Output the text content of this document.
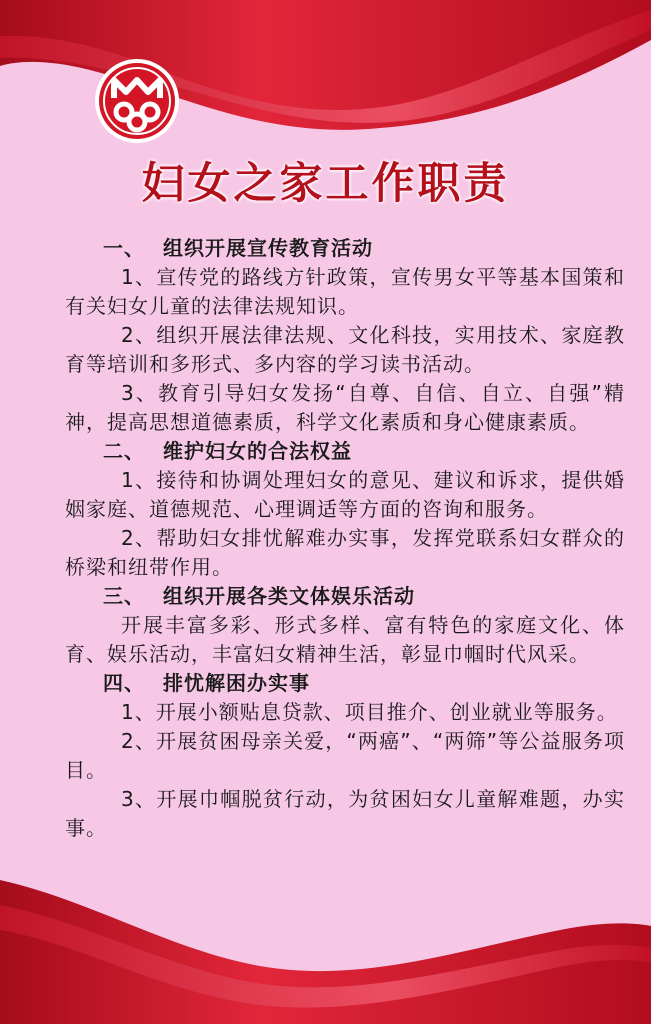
妇女之家工作职责
一、 组织开展宣传教育活动
1、宣传党的路线方针政策，宣传男女平等基本国策和有关妇女儿童的法律法规知识。
2、组织开展法律法规、文化科技，实用技术、家庭教育等培训和多形式、多内容的学习读书活动。
3、教育引导妇女发扬“自尊、自信、自立、自强”精神，提高思想道德素质，科学文化素质和身心健康素质。
二、 维护妇女的合法权益
1、接待和协调处理妇女的意见、建议和诉求，提供婚姻家庭、道德规范、心理调适等方面的咨询和服务。
2、帮助妇女排忧解难办实事，发挥党联系妇女群众的桥梁和纽带作用。
三、 组织开展各类文体娱乐活动
开展丰富多彩、形式多样、富有特色的家庭文化、体育、娱乐活动，丰富妇女精神生活，彰显巾帼时代风采。
四、 排忧解困办实事
1、开展小额贴息贷款、项目推介、创业就业等服务。
2、开展贫困母亲关爱，“两癌”、“两筛”等公益服务项目。
3、开展巾帼脱贫行动，为贫困妇女儿童解难题，办实事。
